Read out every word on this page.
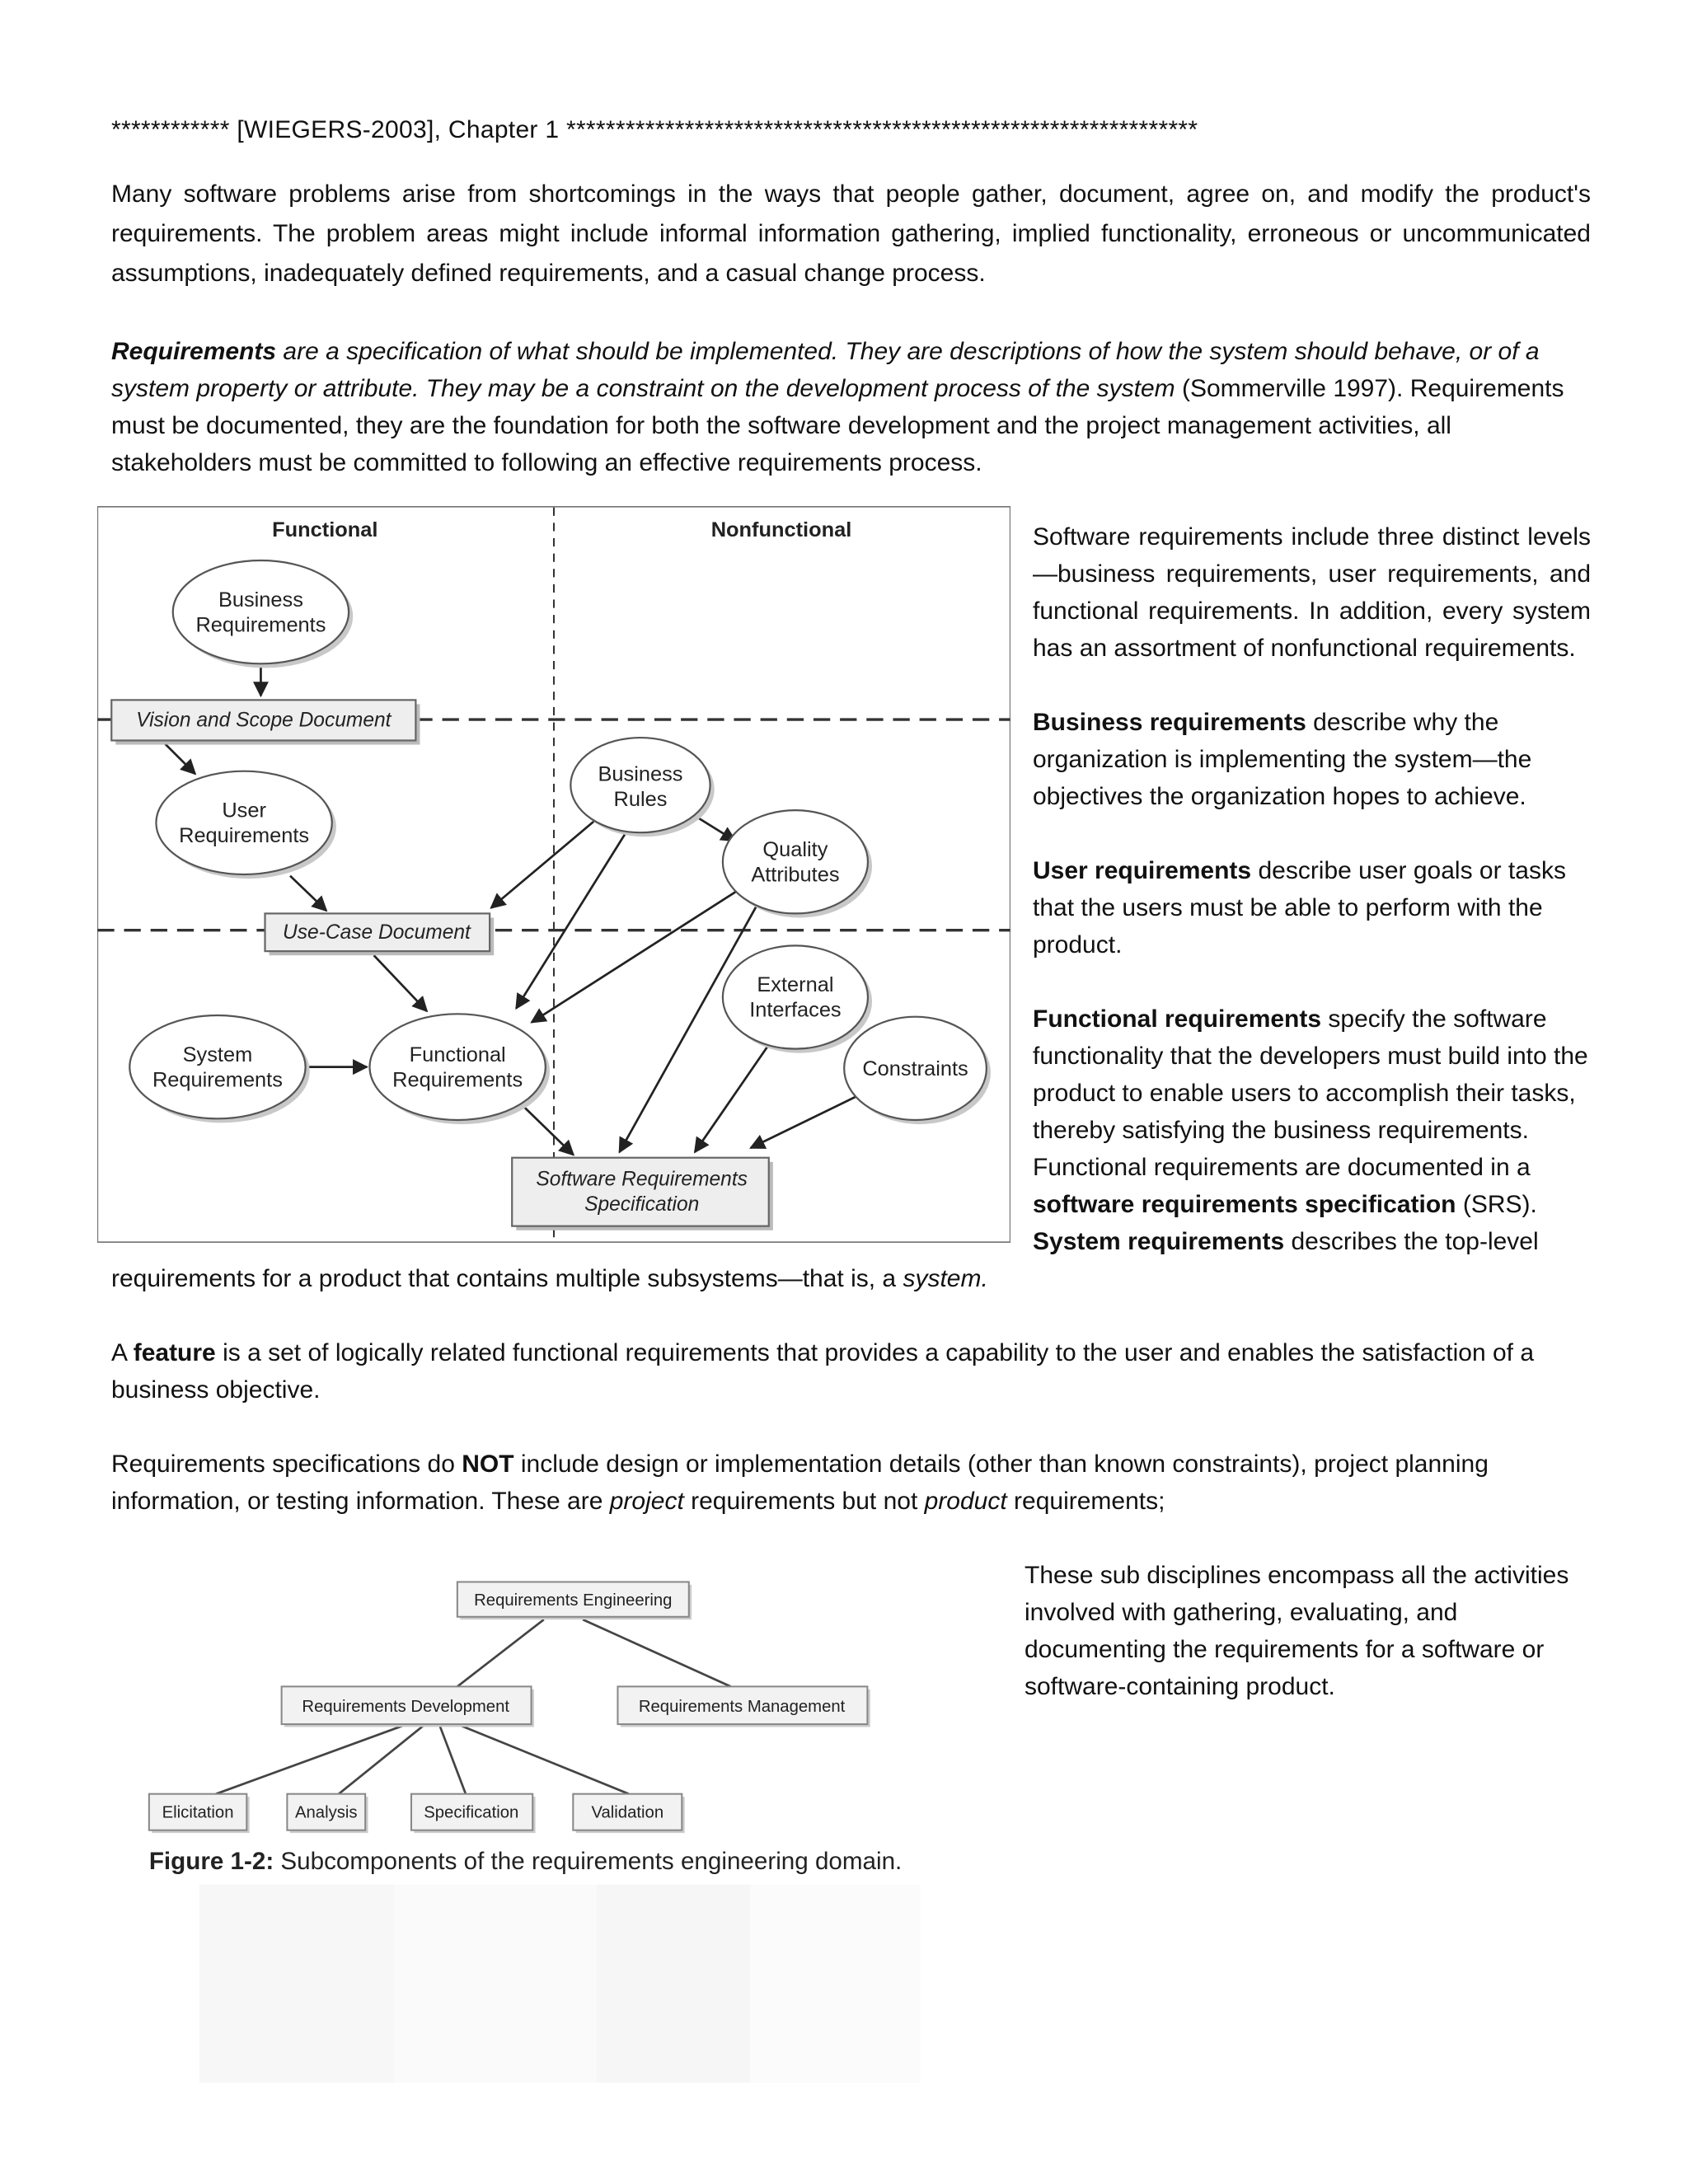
************ [WIEGERS-2003], Chapter 1 ****************************************************************

Many software problems arise from shortcomings in the ways that people gather, document, agree on, and modify the product's requirements. The problem areas might include informal information gathering, implied functionality, erroneous or uncommunicated assumptions, inadequately defined requirements, and a casual change process.

Requirements are a specification of what should be implemented. They are descriptions of how the system should behave, or of a system property or attribute. They may be a constraint on the development process of the system (Sommerville 1997). Requirements must be documented, they are the foundation for both the software development and the project management activities, all stakeholders must be committed to following an effective requirements process.

Functional	Nonfunctional
Business
Requirements
Vision and Scope Document
User
Requirements
Use-Case Document
System
Requirements
Functional
Requirements
Software Requirements
Specification
Business
Rules
Quality
Attributes
External
Interfaces
Constraints

Software requirements include three distinct levels—business requirements, user requirements, and functional requirements. In addition, every system has an assortment of nonfunctional requirements.

Business requirements describe why the organization is implementing the system—the objectives the organization hopes to achieve.

User requirements describe user goals or tasks that the users must be able to perform with the product.

Functional requirements specify the software functionality that the developers must build into the product to enable users to accomplish their tasks, thereby satisfying the business requirements. Functional requirements are documented in a software requirements specification (SRS). System requirements describes the top-level requirements for a product that contains multiple subsystems—that is, a system.

A feature is a set of logically related functional requirements that provides a capability to the user and enables the satisfaction of a business objective.

Requirements specifications do NOT include design or implementation details (other than known constraints), project planning information, or testing information. These are project requirements but not product requirements;

Requirements Engineering
Requirements Development	Requirements Management
Elicitation	Analysis	Specification	Validation
Figure 1-2: Subcomponents of the requirements engineering domain.

These sub disciplines encompass all the activities involved with gathering, evaluating, and documenting the requirements for a software or software-containing product.
